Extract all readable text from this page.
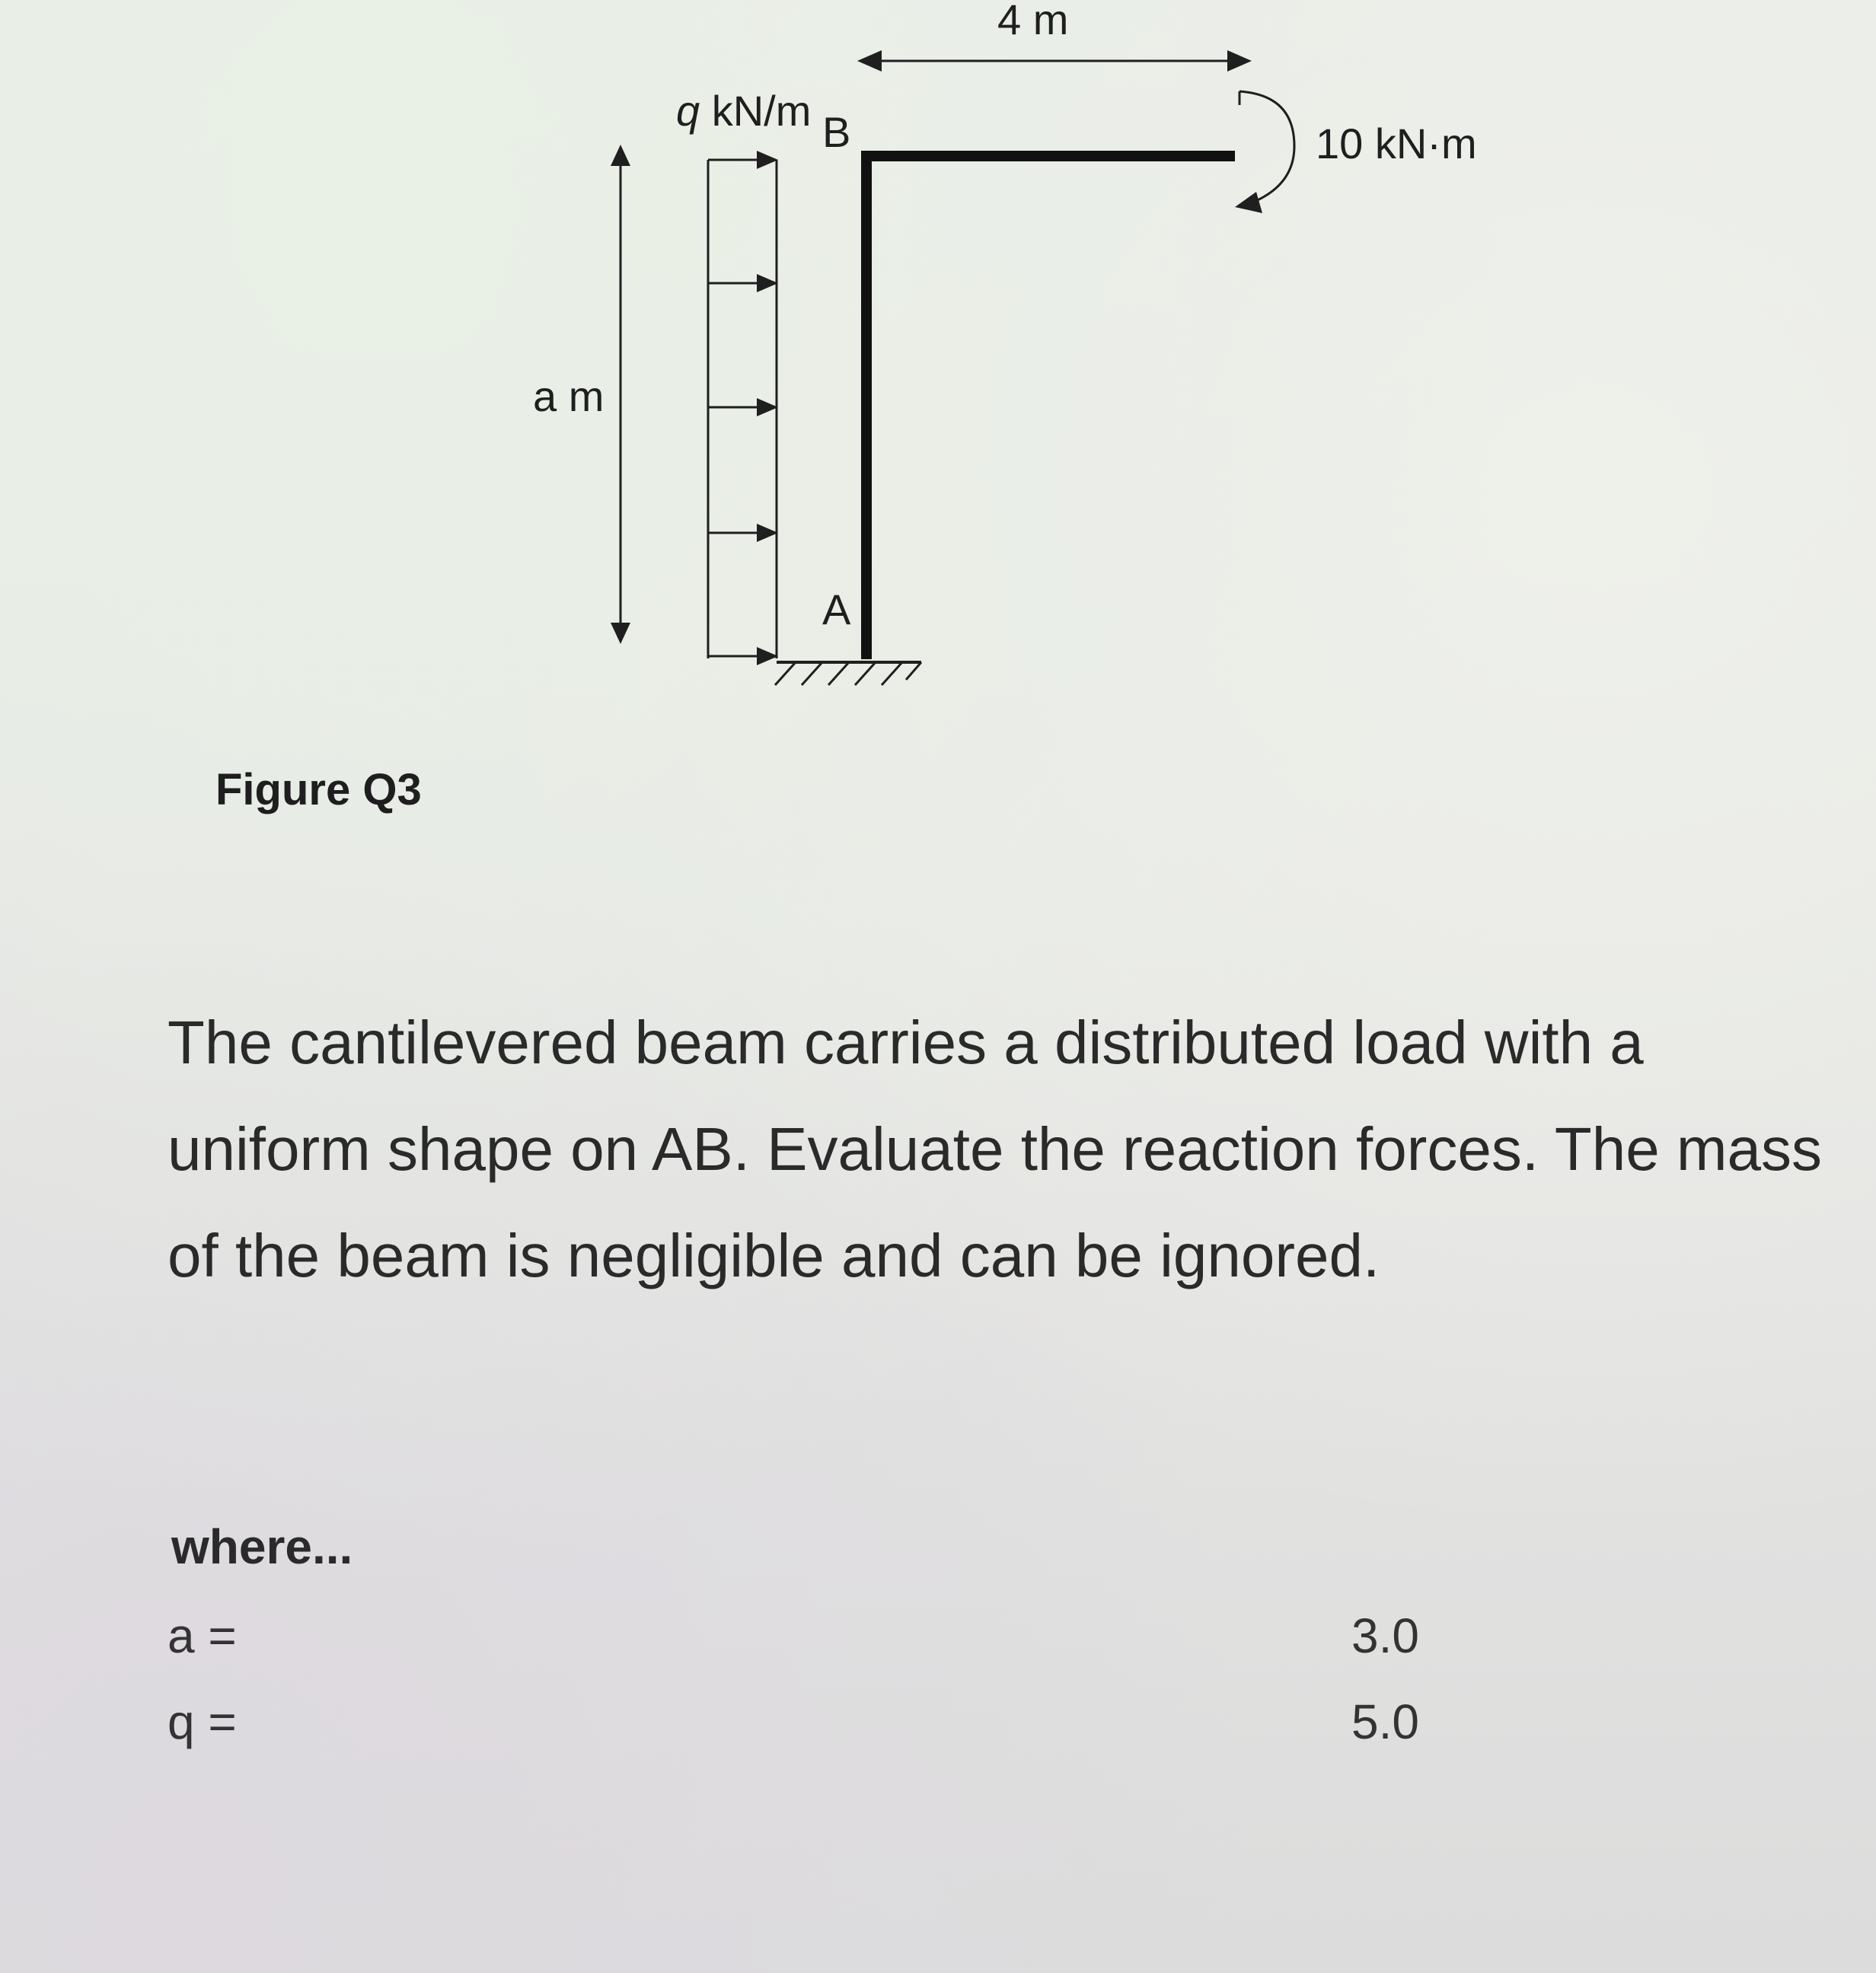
4 m
a m
q kN/m B
A
10 kN·m
Figure Q3

The cantilevered beam carries a distributed load with a uniform shape on AB. Evaluate the reaction forces. The mass of the beam is negligible and can be ignored.

where...
a =	3.0
q =	5.0
